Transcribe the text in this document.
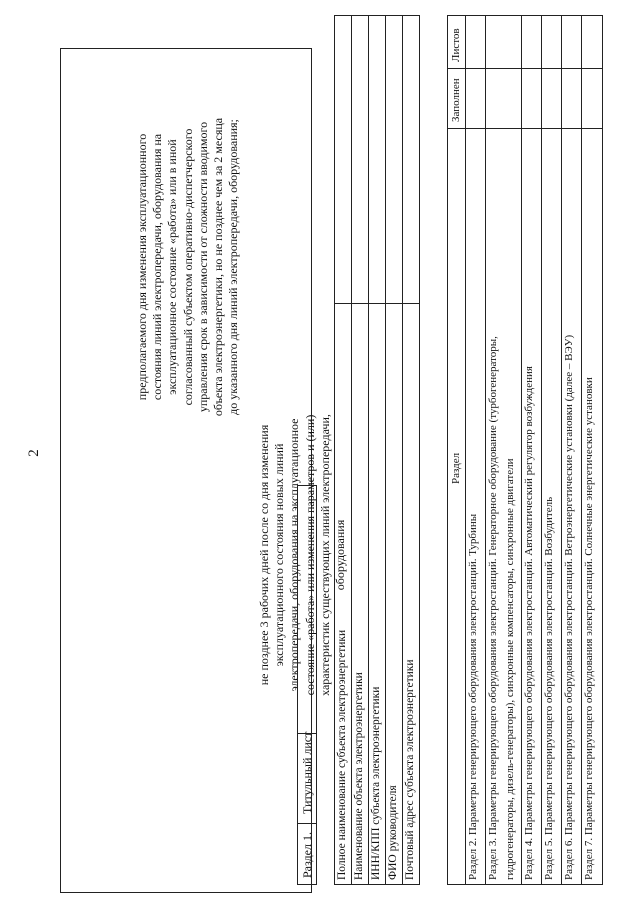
2
предполагаемого дня изменения эксплуатационного состояния линий электропередачи, оборудования на эксплуатационное состояние «работа» или в иной согласованный субъектом оперативно-диспетчерского управления срок в зависимости от сложности вводимого объекта электроэнергетики, но не позднее чем за 2 месяца до указанного дня линий электропередачи, оборудования;
не позднее 3 рабочих дней после со дня изменения эксплуатационного состояния новых линий электропередачи, оборудования на эксплуатационное состояние «работа» или изменения параметров и (или) характеристик существующих линий электропередачи, оборудования
Раздел 1.
Титульный лист Полное наименование субъекта электроэнергетики Наименование объекта электроэнергетики ИНН/КПП субъекта электроэнергетики ФИО руководителя Почтовый адрес субъекта электроэнергетики
Раздел
Заполнен
Листов
Раздел 2. Параметры генерирующего оборудования электростанций. Турбины Раздел 3. Параметры генерирующего оборудования электростанций. Генераторное оборудование (турбогенераторы, гидрогенераторы, дизель-генераторы), синхронные компенсаторы, синхронные двигатели Раздел 4. Параметры генерирующего оборудования электростанций. Автоматический регулятор возбуждения Раздел 5. Параметры генерирующего оборудования электростанций. Возбудитель Раздел 6. Параметры генерирующего оборудования электростанций. Ветроэнергетические установки (далее – ВЭУ) Раздел 7. Параметры генерирующего оборудования электростанций. Солнечные энергетические установки
